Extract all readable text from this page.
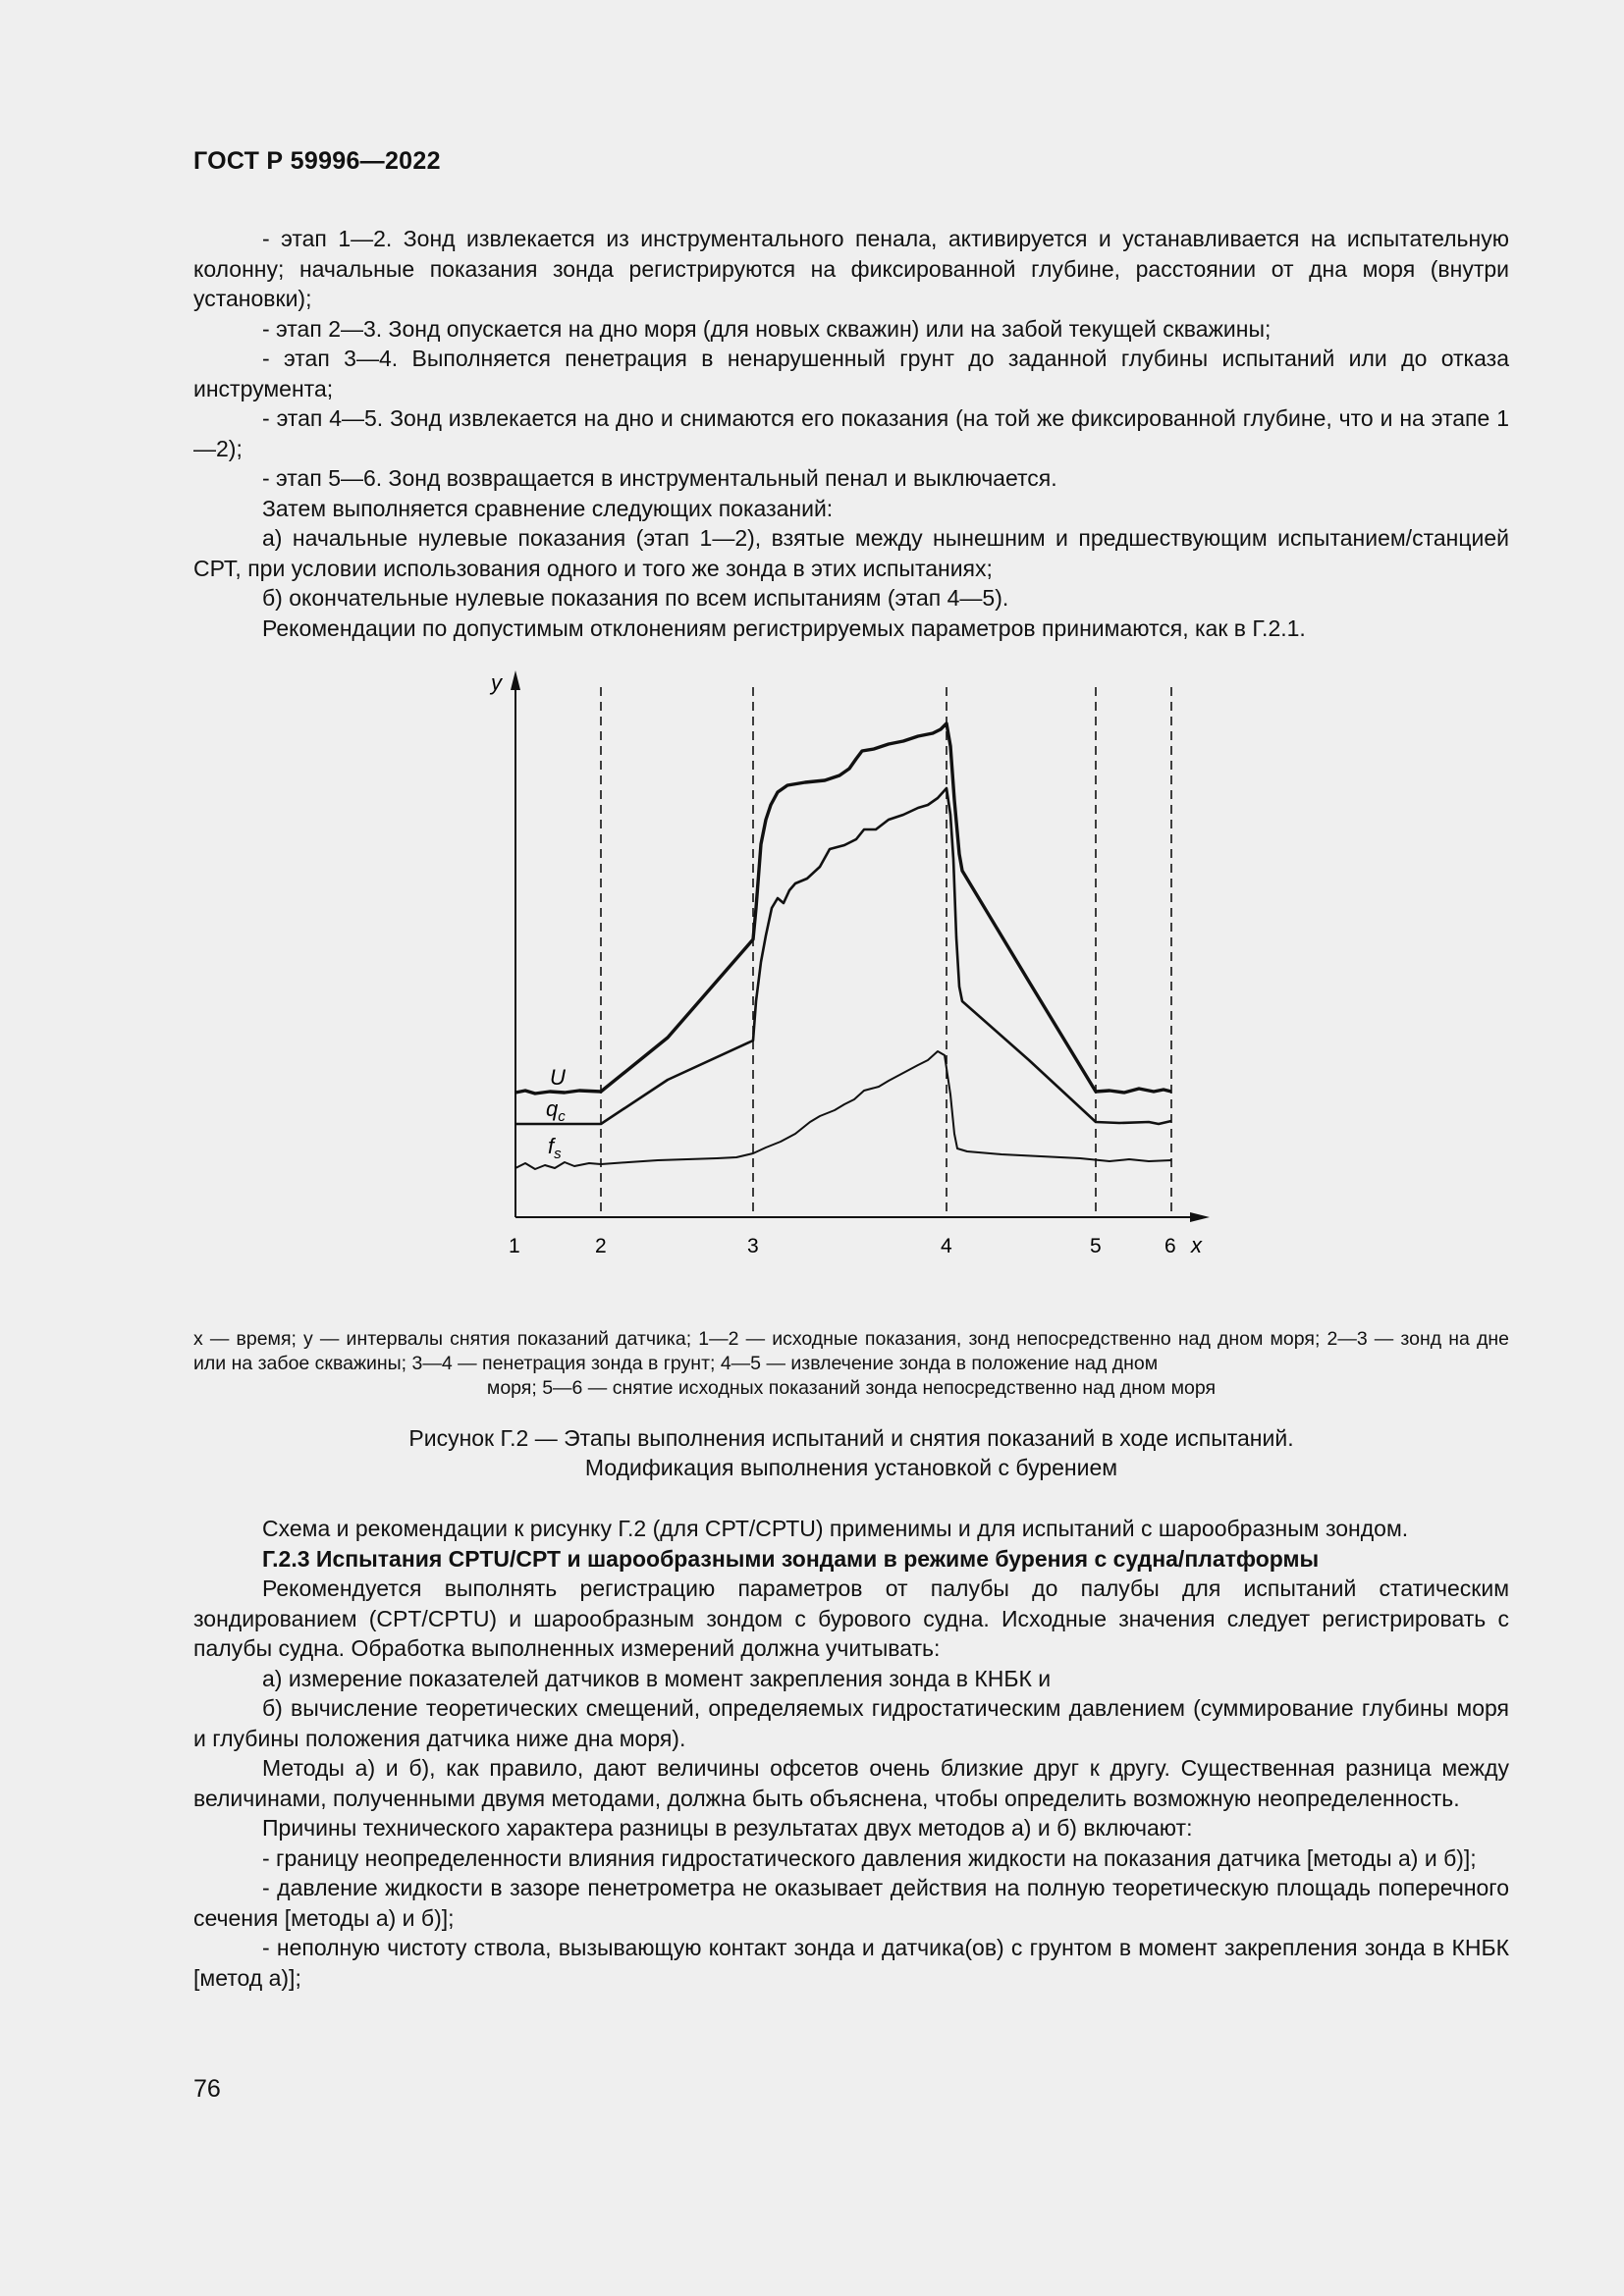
ГОСТ Р 59996—2022

- этап 1—2. Зонд извлекается из инструментального пенала, активируется и устанавливается на испытательную колонну; начальные показания зонда регистрируются на фиксированной глубине, расстоянии от дна моря (внутри установки);

- этап 2—3. Зонд опускается на дно моря (для новых скважин) или на забой текущей скважины;

- этап 3—4. Выполняется пенетрация в ненарушенный грунт до заданной глубины испытаний или до отказа инструмента;

- этап 4—5. Зонд извлекается на дно и снимаются его показания (на той же фиксированной глубине, что и на этапе 1—2);

- этап 5—6. Зонд возвращается в инструментальный пенал и выключается.

Затем выполняется сравнение следующих показаний:

а) начальные нулевые показания (этап 1—2), взятые между нынешним и предшествующим испытанием/станцией СРТ, при условии использования одного и того же зонда в этих испытаниях;

б) окончательные нулевые показания по всем испытаниям (этап 4—5).

Рекомендации по допустимым отклонениям регистрируемых параметров принимаются, как в Г.2.1.

y
x
1	2	3	4	5	6
U
$q_c$
$f_s$
x — время; y — интервалы снятия показаний датчика; 1—2 — исходные показания, зонд непосредственно над дном моря; 2—3 — зонд на дне или на забое скважины; 3—4 — пенетрация зонда в грунт; 4—5 — извлечение зонда в положение над дном
моря; 5—6 — снятие исходных показаний зонда непосредственно над дном моря
Рисунок Г.2 — Этапы выполнения испытаний и снятия показаний в ходе испытаний.
Модификация выполнения установкой с бурением

Схема и рекомендации к рисунку Г.2 (для СРТ/СРТU) применимы и для испытаний с шарообразным зондом.

Г.2.3 Испытания СРТU/СРТ и шарообразными зондами в режиме бурения с судна/платформы

Рекомендуется выполнять регистрацию параметров от палубы до палубы для испытаний статическим зондированием (CPT/CPTU) и шарообразным зондом с бурового судна. Исходные значения следует регистрировать с палубы судна. Обработка выполненных измерений должна учитывать:

а) измерение показателей датчиков в момент закрепления зонда в КНБК и

б) вычисление теоретических смещений, определяемых гидростатическим давлением (суммирование глубины моря и глубины положения датчика ниже дна моря).

Методы а) и б), как правило, дают величины офсетов очень близкие друг к другу. Существенная разница между величинами, полученными двумя методами, должна быть объяснена, чтобы определить возможную неопределенность.

Причины технического характера разницы в результатах двух методов а) и б) включают:

- границу неопределенности влияния гидростатического давления жидкости на показания датчика [методы а) и б)];

- давление жидкости в зазоре пенетрометра не оказывает действия на полную теоретическую площадь поперечного сечения [методы а) и б)];

- неполную чистоту ствола, вызывающую контакт зонда и датчика(ов) с грунтом в момент закрепления зонда в КНБК [метод а)];

76
